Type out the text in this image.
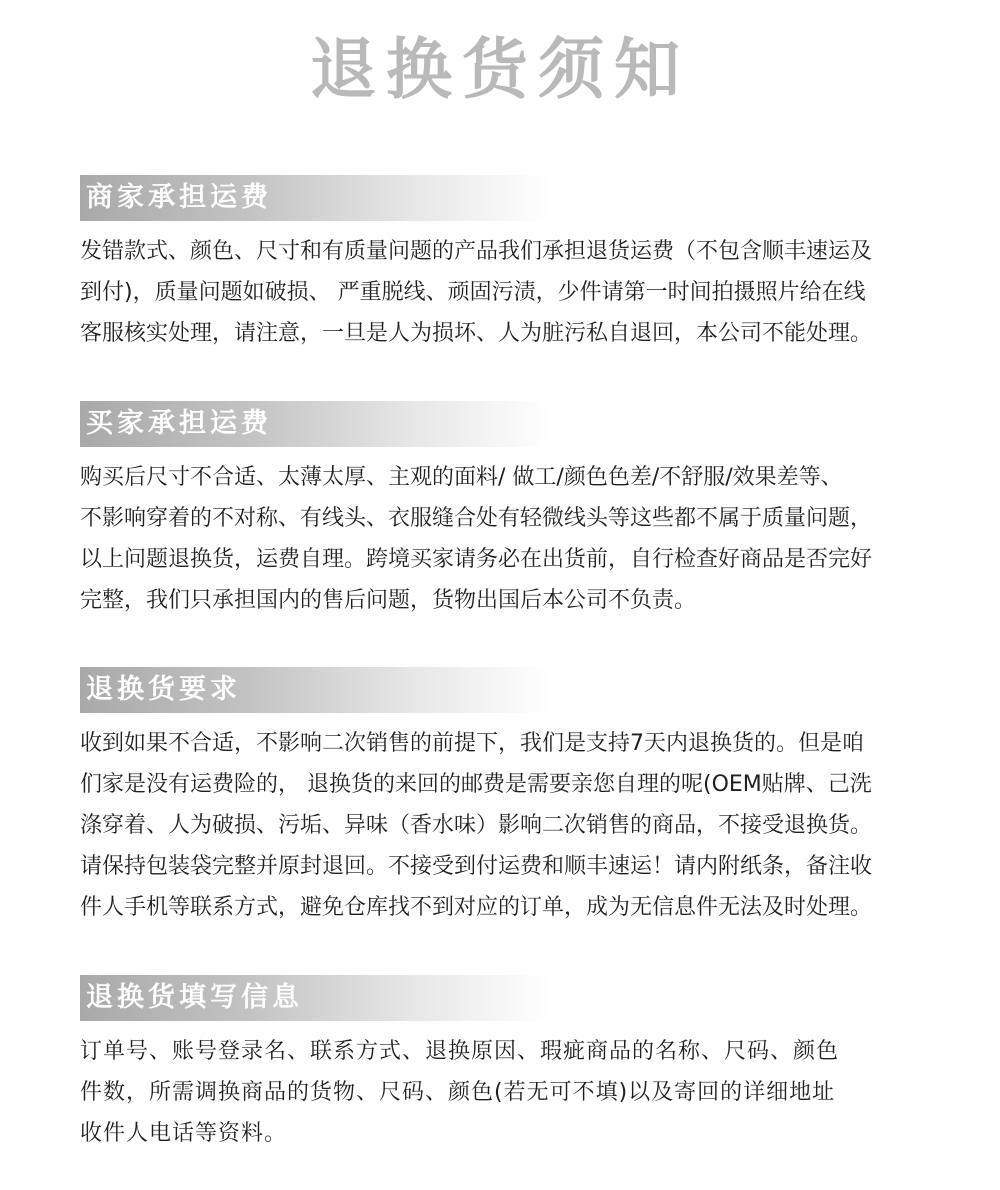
退换货须知
商家承担运费

发错款式、颜色、尺寸和有质量问题的产品我们承担退货运费（不包含顺丰速运及

到付)，质量问题如破损、 严重脱线、顽固污渍，少件请第一时间拍摄照片给在线

客服核实处理，请注意，一旦是人为损坏、人为脏污私自退回，本公司不能处理。

买家承担运费

购买后尺寸不合适、太薄太厚、主观的面料/ 做工/颜色色差/不舒服/效果差等、

不影响穿着的不对称、有线头、衣服缝合处有轻微线头等这些都不属于质量问题，

以上问题退换货，运费自理。跨境买家请务必在出货前，自行检查好商品是否完好

完整，我们只承担国内的售后问题，货物出国后本公司不负责。

退换货要求

收到如果不合适，不影响二次销售的前提下，我们是支持7天内退换货的。但是咱

们家是没有运费险的， 退换货的来回的邮费是需要亲您自理的呢(OEM贴牌、己洗

涤穿着、人为破损、污垢、异味（香水味）影响二次销售的商品，不接受退换货。

请保持包装袋完整并原封退回。不接受到付运费和顺丰速运！请内附纸条，备注收

件人手机等联系方式，避免仓库找不到对应的订单，成为无信息件无法及时处理。

退换货填写信息

订单号、账号登录名、联系方式、退换原因、瑕疵商品的名称、尺码、颜色

件数，所需调换商品的货物、尺码、颜色(若无可不填)以及寄回的详细地址

收件人电话等资料。
